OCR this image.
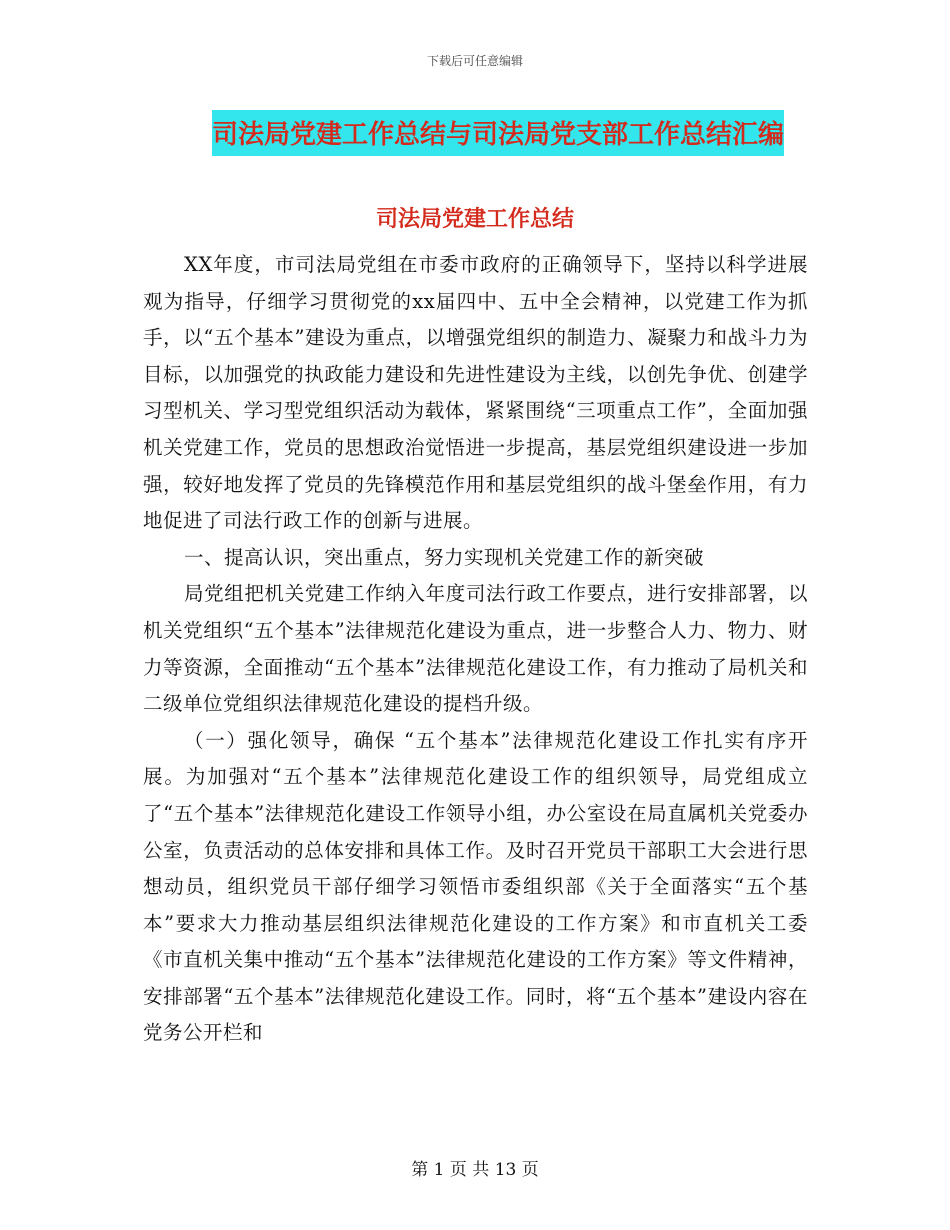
下载后可任意编辑
司法局党建工作总结与司法局党支部工作总结汇编
司法局党建工作总结

XX年度，市司法局党组在市委市政府的正确领导下，坚持以科学进展观为指导，仔细学习贯彻党的xx届四中、五中全会精神，以党建工作为抓手，以“五个基本”建设为重点，以增强党组织的制造力、凝聚力和战斗力为目标，以加强党的执政能力建设和先进性建设为主线，以创先争优、创建学习型机关、学习型党组织活动为载体，紧紧围绕“三项重点工作”，全面加强机关党建工作，党员的思想政治觉悟进一步提高，基层党组织建设进一步加强，较好地发挥了党员的先锋模范作用和基层党组织的战斗堡垒作用，有力地促进了司法行政工作的创新与进展。

一、提高认识，突出重点，努力实现机关党建工作的新突破

局党组把机关党建工作纳入年度司法行政工作要点，进行安排部署，以机关党组织“五个基本”法律规范化建设为重点，进一步整合人力、物力、财力等资源，全面推动“五个基本”法律规范化建设工作，有力推动了局机关和二级单位党组织法律规范化建设的提档升级。

（一）强化领导，确保 “五个基本”法律规范化建设工作扎实有序开展。为加强对“五个基本”法律规范化建设工作的组织领导，局党组成立了“五个基本”法律规范化建设工作领导小组，办公室设在局直属机关党委办公室，负责活动的总体安排和具体工作。及时召开党员干部职工大会进行思想动员，组织党员干部仔细学习领悟市委组织部《关于全面落实“五个基本”要求大力推动基层组织法律规范化建设的工作方案》和市直机关工委《市直机关集中推动“五个基本”法律规范化建设的工作方案》等文件精神，安排部署“五个基本”法律规范化建设工作。同时，将“五个基本”建设内容在党务公开栏和

第 1 页 共 13 页
